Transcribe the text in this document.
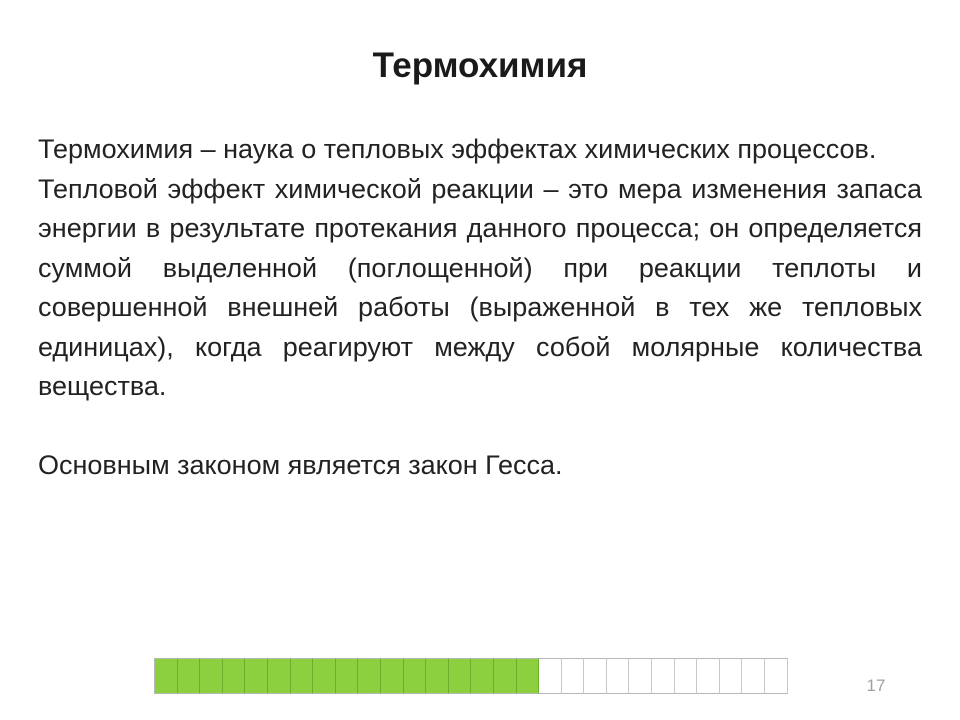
Термохимия

Термохимия – наука о тепловых эффектах химических процессов.

Тепловой эффект химической реакции – это мера изменения запаса энергии в результате протекания данного процесса; он определяется суммой выделенной (поглощенной) при реакции теплоты и совершенной внешней работы (выраженной в тех же тепловых единицах), когда реагируют между собой молярные количества вещества.

Основным законом является закон Гесса.

17
